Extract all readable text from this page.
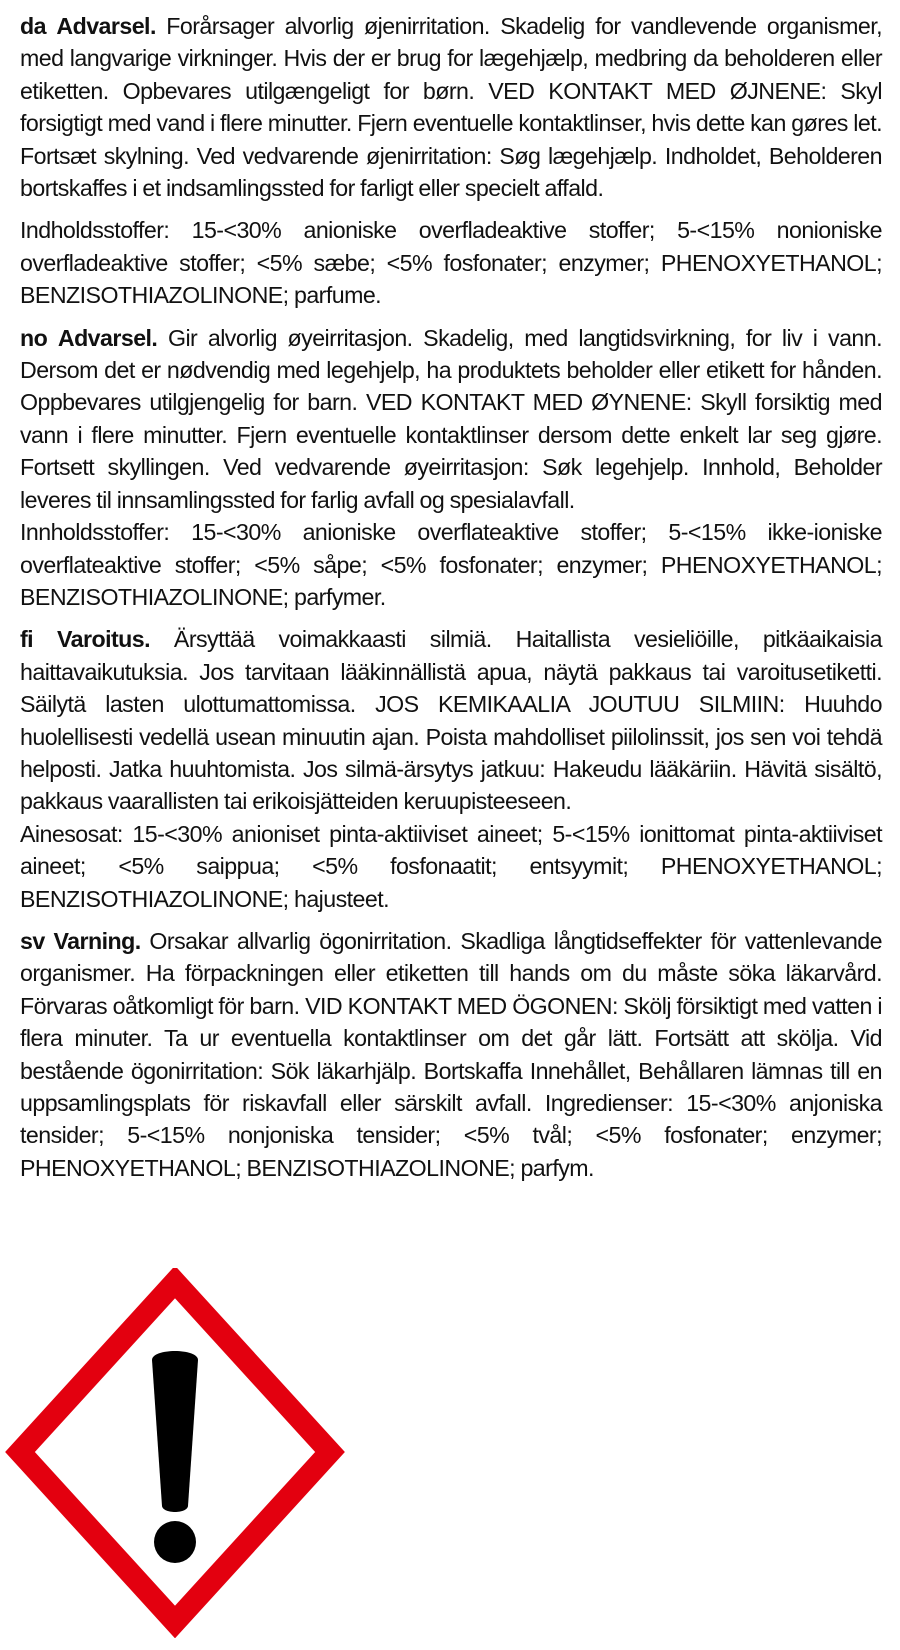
da Advarsel. Forårsager alvorlig øjenirritation. Skadelig for vandlevende organismer, med langvarige virkninger. Hvis der er brug for lægehjælp, medbring da beholderen eller etiketten. Opbevares utilgængeligt for børn. VED KONTAKT MED ØJNENE: Skyl forsigtigt med vand i flere minutter. Fjern eventuelle kontaktlinser, hvis dette kan gøres let. Fortsæt skylning. Ved vedvarende øjenirritation: Søg lægehjælp. Indholdet, Beholderen bortskaffes i et indsamlingssted for farligt eller specielt affald.

Indholdsstoffer: 15-<30% anioniske overfladeaktive stoffer; 5-<15% nonioniske overfladeaktive stoffer; <5% sæbe; <5% fosfonater; enzymer; PHENOXYETHANOL; BENZISOTHIAZOLINONE; parfume.

no Advarsel. Gir alvorlig øyeirritasjon. Skadelig, med langtidsvirkning, for liv i vann. Dersom det er nødvendig med legehjelp, ha produktets beholder eller etikett for hånden. Oppbevares utilgjengelig for barn. VED KONTAKT MED ØYNENE: Skyll forsiktig med vann i flere minutter. Fjern eventuelle kontaktlinser dersom dette enkelt lar seg gjøre. Fortsett skyllingen. Ved vedvarende øyeirritasjon: Søk legehjelp. Innhold, Beholder leveres til innsamlingssted for farlig avfall og spesialavfall.
Innholdsstoffer: 15-<30% anioniske overflateaktive stoffer; 5-<15% ikke-ioniske overflateaktive stoffer; <5% såpe; <5% fosfonater; enzymer; PHENOXYETHANOL; BENZISOTHIAZOLINONE; parfymer.

fi Varoitus. Ärsyttää voimakkaasti silmiä. Haitallista vesieliöille, pitkäaikaisia haittavaikutuksia. Jos tarvitaan lääkinnällistä apua, näytä pakkaus tai varoitusetiketti. Säilytä lasten ulottumattomissa. JOS KEMIKAALIA JOUTUU SILMIIN: Huuhdo huolellisesti vedellä usean minuutin ajan. Poista mahdolliset piilolinssit, jos sen voi tehdä helposti. Jatka huuhtomista. Jos silmä-ärsytys jatkuu: Hakeudu lääkäriin. Hävitä sisältö, pakkaus vaarallisten tai erikoisjätteiden keruupisteeseen.
Ainesosat: 15-<30% anioniset pinta-aktiiviset aineet; 5-<15% ionittomat pinta-aktiiviset aineet; <5% saippua; <5% fosfonaatit; entsyymit; PHENOXYETHANOL; BENZISOTHIAZOLINONE; hajusteet.

sv Varning. Orsakar allvarlig ögonirritation. Skadliga långtidseffekter för vattenlevande organismer. Ha förpackningen eller etiketten till hands om du måste söka läkarvård. Förvaras oåtkomligt för barn. VID KONTAKT MED ÖGONEN: Skölj försiktigt med vatten i flera minuter. Ta ur eventuella kontaktlinser om det går lätt. Fortsätt att skölja. Vid bestående ögonirritation: Sök läkarhjälp. Bortskaffa Innehållet, Behållaren lämnas till en uppsamlingsplats för riskavfall eller särskilt avfall. Ingredienser: 15-<30% anjoniska tensider; 5-<15% nonjoniska tensider; <5% tvål; <5% fosfonater; enzymer; PHENOXYETHANOL; BENZISOTHIAZOLINONE; parfym.
